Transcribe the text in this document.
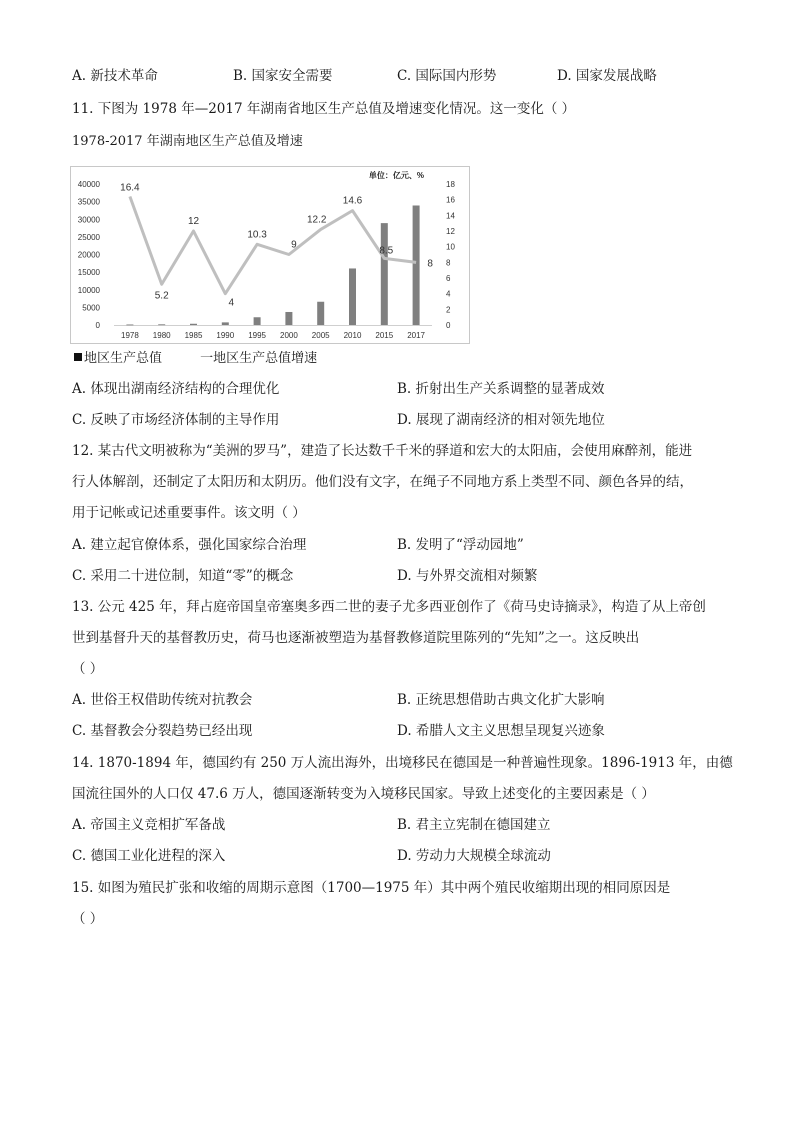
A. 新技术革命	B. 国家安全需要	C. 国际国内形势	D. 国家发展战略
11. 下图为 1978 年—2017 年湖南省地区生产总值及增速变化情况。这一变化（ ）
1978-2017 年湖南地区生产总值及增速
单位：亿元、%
0
5000
10000
15000
20000
25000
30000
35000
40000
0
2
4
6
8
10
12
14
16
18
16.4
5.2
12
4
10.3
9
12.2
14.6
8.5
8
1978 1980 1985 1990 1995 2000 2005 2010 2015 2017
地区生产总值	一地区生产总值增速
A. 体现出湖南经济结构的合理优化	B. 折射出生产关系调整的显著成效
C. 反映了市场经济体制的主导作用	D. 展现了湖南经济的相对领先地位
12. 某古代文明被称为“美洲的罗马”，建造了长达数千千米的驿道和宏大的太阳庙，会使用麻醉剂，能进
行人体解剖，还制定了太阳历和太阴历。他们没有文字，在绳子不同地方系上类型不同、颜色各异的结，
用于记帐或记述重要事件。该文明（ ）
A. 建立起官僚体系，强化国家综合治理	B. 发明了“浮动园地”
C. 采用二十进位制，知道“零”的概念	D. 与外界交流相对频繁
13. 公元 425 年，拜占庭帝国皇帝塞奥多西二世的妻子尤多西亚创作了《荷马史诗摘录》，构造了从上帝创
世到基督升天的基督教历史，荷马也逐渐被塑造为基督教修道院里陈列的“先知”之一。这反映出
（ ）
A. 世俗王权借助传统对抗教会	B. 正统思想借助古典文化扩大影响
C. 基督教会分裂趋势已经出现	D. 希腊人文主义思想呈现复兴迹象
14. 1870-1894 年，德国约有 250 万人流出海外，出境移民在德国是一种普遍性现象。1896-1913 年，由德
国流往国外的人口仅 47.6 万人，德国逐渐转变为入境移民国家。导致上述变化的主要因素是（ ）
A. 帝国主义竞相扩军备战	B. 君主立宪制在德国建立
C. 德国工业化进程的深入	D. 劳动力大规模全球流动
15. 如图为殖民扩张和收缩的周期示意图（1700—1975 年）其中两个殖民收缩期出现的相同原因是
（ ）
